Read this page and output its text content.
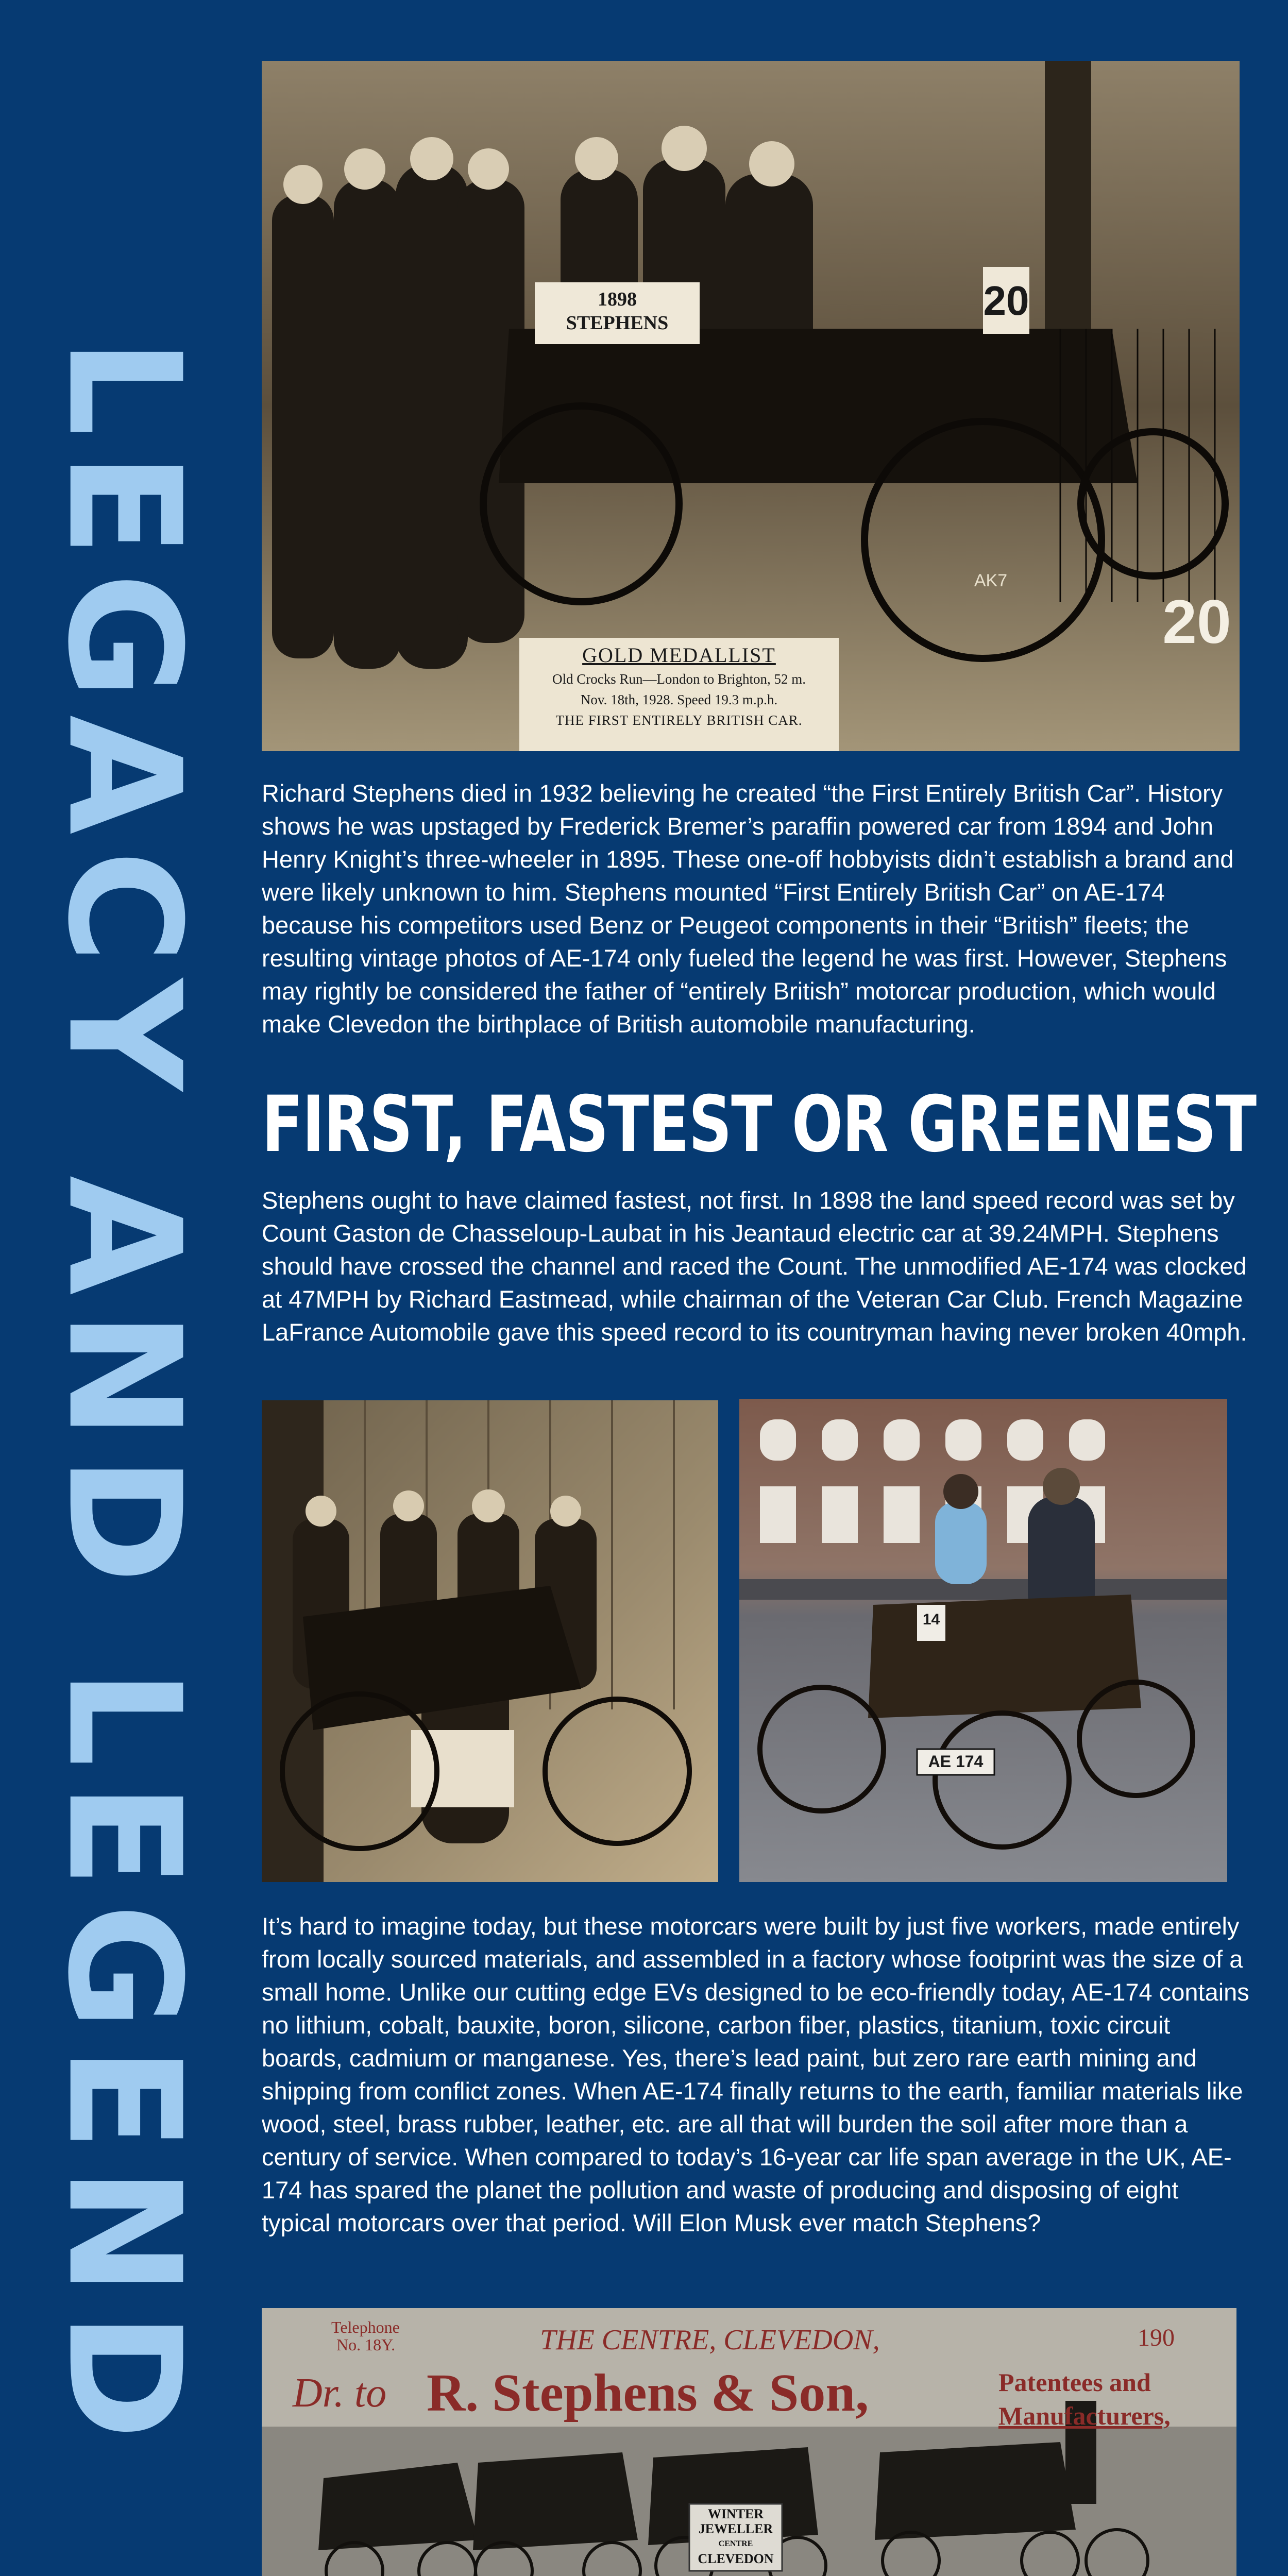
LEGACY AND LEGEND
1898
STEPHENS	20
20
AK7
GOLD MEDALLIST
Old Crocks Run—London to Brighton, 52 m.
Nov. 18th, 1928. Speed 19.3 m.p.h.
THE FIRST ENTIRELY BRITISH CAR.
Richard Stephens died in 1932 believing he created “the First Entirely British Car”. History shows he was upstaged by Frederick Bremer’s paraffin powered car from 1894 and John Henry Knight’s three-wheeler in 1895. These one-off hobbyists didn’t establish a brand and were likely unknown to him. Stephens mounted “First Entirely British Car” on AE-174 because his competitors used Benz or Peugeot components in their “British” fleets; the resulting vintage photos of AE-174 only fueled the legend he was first. However, Stephens may rightly be considered the father of “entirely British” motorcar production, which would make Clevedon the birthplace of British automobile manufacturing.
FIRST, FASTEST OR GREENEST
Stephens ought to have claimed fastest, not first. In 1898 the land speed record was set by Count Gaston de Chasseloup-Laubat in his Jeantaud electric car at 39.24MPH. Stephens should have crossed the channel and raced the Count. The unmodified AE-174 was clocked at 47MPH by Richard Eastmead, while chairman of the Veteran Car Club. French Magazine LaFrance Automobile gave this speed record to its countryman having never broken 40mph.
14
AE 174
It’s hard to imagine today, but these motorcars were built by just five workers, made entirely from locally sourced materials, and assembled in a factory whose footprint was the size of a small home. Unlike our cutting edge EVs designed to be eco-friendly today, AE-174 contains no lithium, cobalt, bauxite, boron, silicone, carbon fiber, plastics, titanium, toxic circuit boards, cadmium or manganese. Yes, there’s lead paint, but zero rare earth mining and shipping from conflict zones. When AE-174 finally returns to the earth, familiar materials like wood, steel, brass rubber, leather, etc. are all that will burden the soil after more than a century of service. When compared to today’s 16-year car life span average in the UK, AE-174 has spared the planet the pollution and waste of producing and disposing of eight typical motorcars over that period. Will Elon Musk ever match Stephens?
Telephone
No. 18Y.	THE CENTRE, CLEVEDON,	190
Dr. to R. Stephens & Son,	Patentees and
Manufacturers,
WINTER
JEWELLER
CENTRE
CLEVEDON
